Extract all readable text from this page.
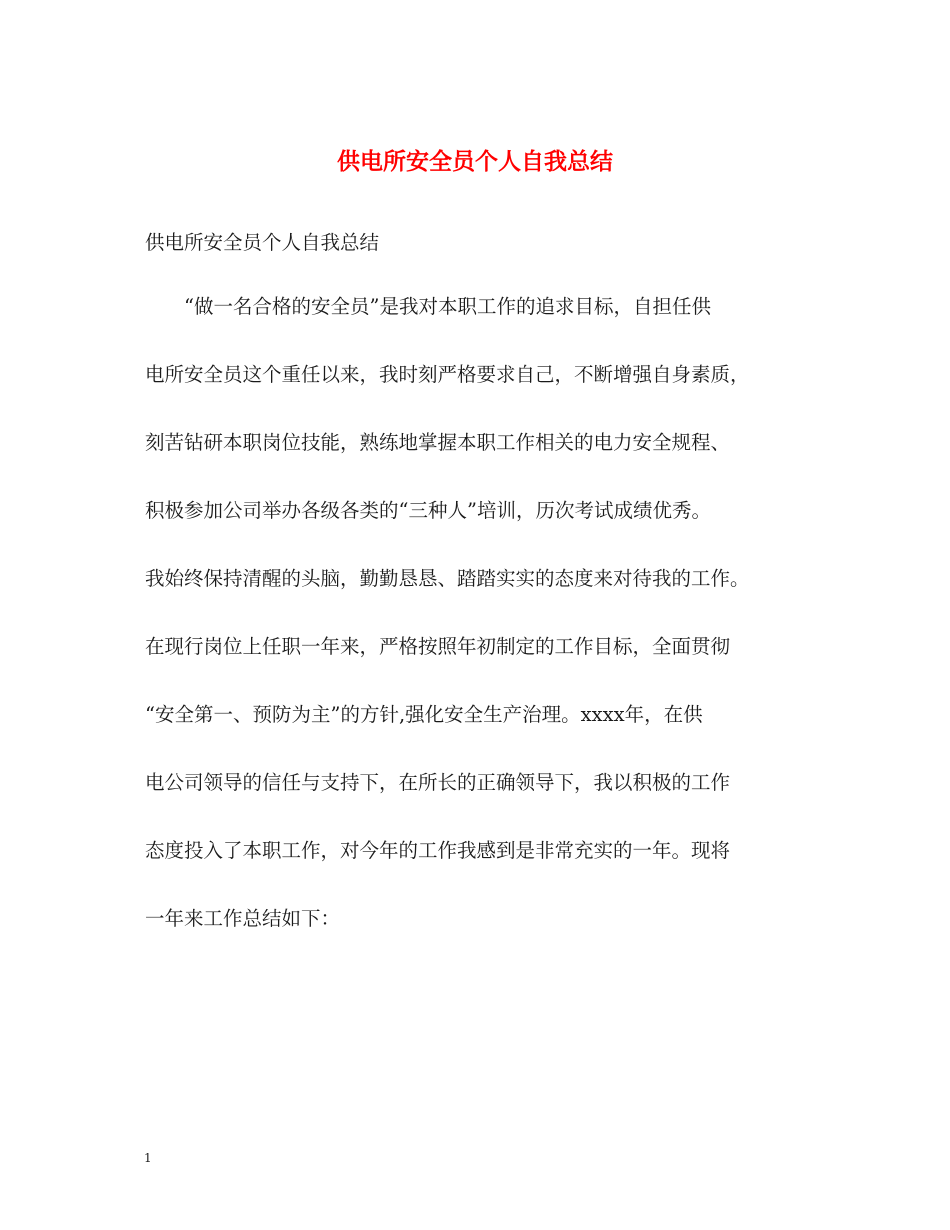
供电所安全员个人自我总结
供电所安全员个人自我总结
“做一名合格的安全员”是我对本职工作的追求目标，自担任供
电所安全员这个重任以来，我时刻严格要求自己，不断增强自身素质，
刻苦钻研本职岗位技能，熟练地掌握本职工作相关的电力安全规程、
积极参加公司举办各级各类的“三种人”培训，历次考试成绩优秀。
我始终保持清醒的头脑，勤勤恳恳、踏踏实实的态度来对待我的工作。
在现行岗位上任职一年来，严格按照年初制定的工作目标，全面贯彻
“安全第一、预防为主”的方针,强化安全生产治理。xxxx年，在供
电公司领导的信任与支持下，在所长的正确领导下，我以积极的工作
态度投入了本职工作，对今年的工作我感到是非常充实的一年。现将
一年来工作总结如下：
1
